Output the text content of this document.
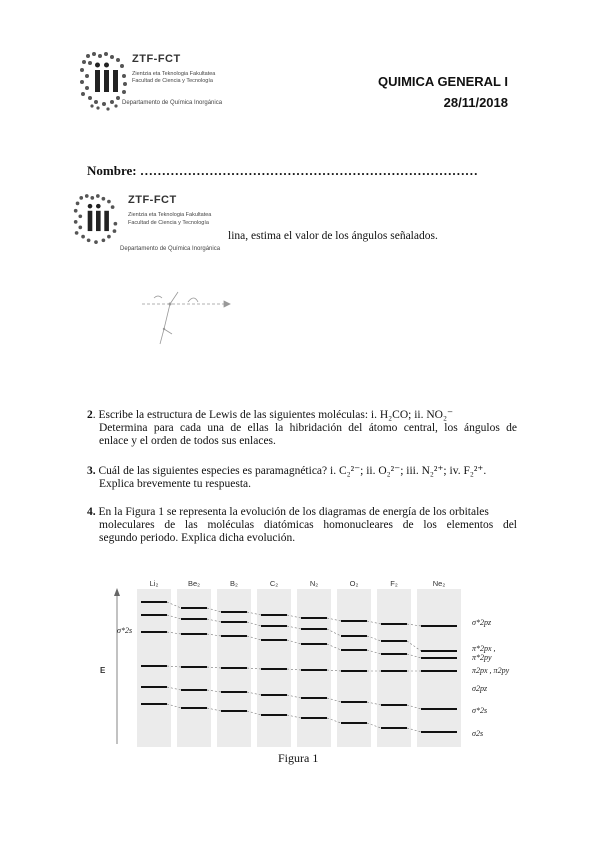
ZTF-FCT
Zientzia eta Teknologia Fakultatea
Facultad de Ciencia y Tecnología
Departamento de Química Inorgánica
QUIMICA GENERAL I
28/11/2018
Nombre: ……………………………………………………………………
ZTF-FCT
Zientzia eta Teknologia Fakultatea
Facultad de Ciencia y Tecnología
Departamento de Química Inorgánica
lina, estima el valor de los ángulos señalados.
2. Escribe la estructura de Lewis de las siguientes moléculas: i. H₂CO; ii. NO₂⁻
Determina para cada una de ellas la hibridación del átomo central, los ángulos de
enlace y el orden de todos sus enlaces.
3. Cuál de las siguientes especies es paramagnética? i. C₂²⁻; ii. O₂²⁻; iii. N₂²⁺; iv. F₂²⁺.
Explica brevemente tu respuesta.
4. En la Figura 1 se representa la evolución de los diagramas de energía de los orbitales
moleculares de las moléculas diatómicas homonucleares de los elementos del
segundo periodo. Explica dicha evolución.
E
Li₂	Be₂	B₂	C₂	N₂	O₂	F₂	Ne₂
σ*2s
σ*2pz
π*2px , π*2py
π2px , π2py
σ2pz
σ*2s
σ2s
Figura 1
